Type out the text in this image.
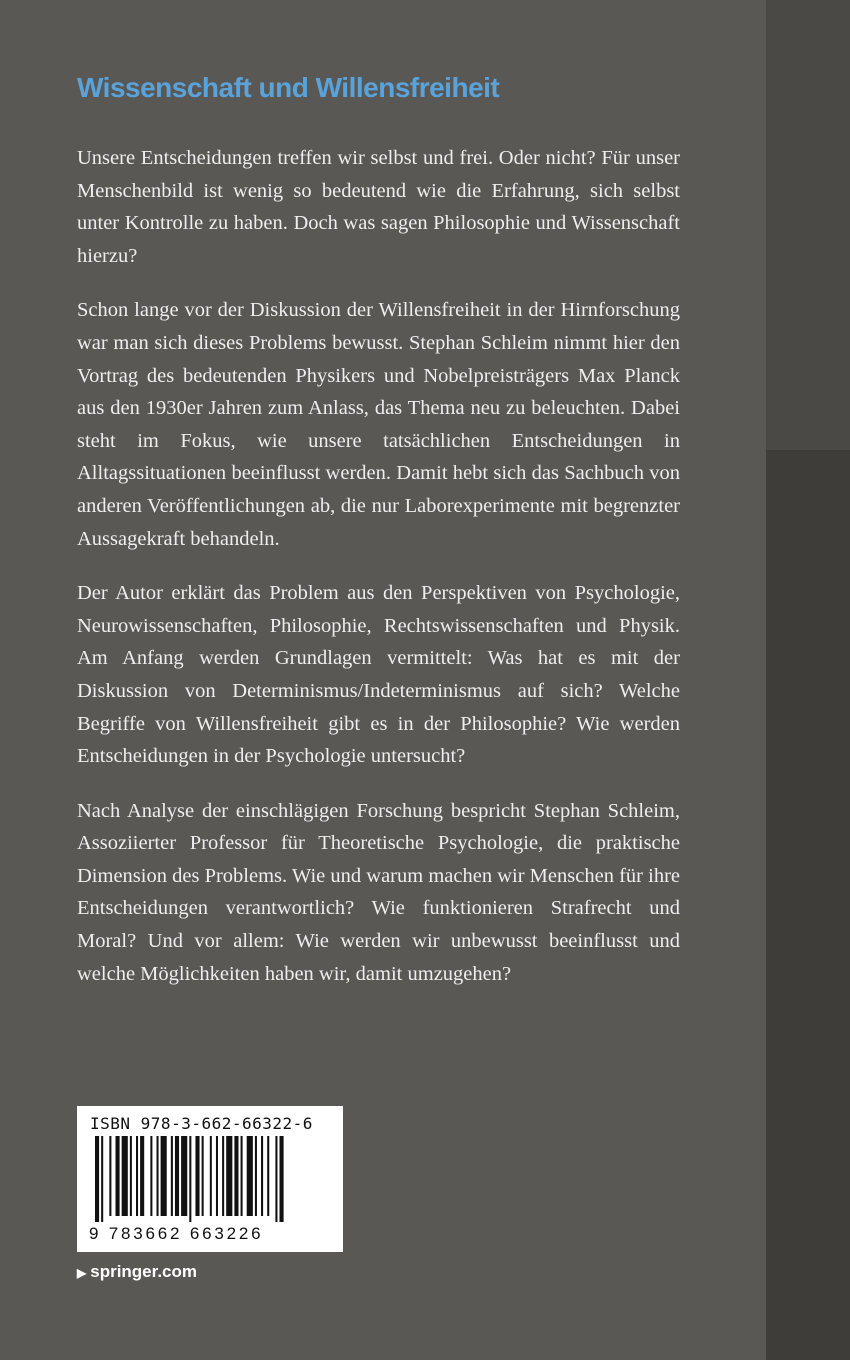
Wissenschaft und Willensfreiheit

Unsere Entscheidungen treffen wir selbst und frei. Oder nicht? Für unser Menschenbild ist wenig so bedeutend wie die Erfahrung, sich selbst unter Kontrolle zu haben. Doch was sagen Philosophie und Wissenschaft hierzu?

Schon lange vor der Diskussion der Willensfreiheit in der Hirnforschung war man sich dieses Problems bewusst. Stephan Schleim nimmt hier den Vortrag des bedeutenden Physikers und Nobelpreisträgers Max Planck aus den 1930er Jahren zum Anlass, das Thema neu zu beleuchten. Dabei steht im Fokus, wie unsere tatsächlichen Entscheidungen in Alltagssituationen beeinflusst werden. Damit hebt sich das Sachbuch von anderen Veröffentlichungen ab, die nur Laborexperimente mit begrenzter Aussagekraft behandeln.

Der Autor erklärt das Problem aus den Perspektiven von Psychologie, Neurowissenschaften, Philosophie, Rechtswissenschaften und Physik. Am Anfang werden Grundlagen vermittelt: Was hat es mit der Diskussion von Determinismus/Indeterminismus auf sich? Welche Begriffe von Willensfreiheit gibt es in der Philosophie? Wie werden Entscheidungen in der Psychologie untersucht?

Nach Analyse der einschlägigen Forschung bespricht Stephan Schleim, Assoziierter Professor für Theoretische Psychologie, die praktische Dimension des Problems. Wie und warum machen wir Menschen für ihre Entscheidungen verantwortlich? Wie funktionieren Strafrecht und Moral? Und vor allem: Wie werden wir unbewusst beeinflusst und welche Möglichkeiten haben wir, damit umzugehen?

ISBN 978-3-662-66322-6
9 783662 663226
▶ springer.com
